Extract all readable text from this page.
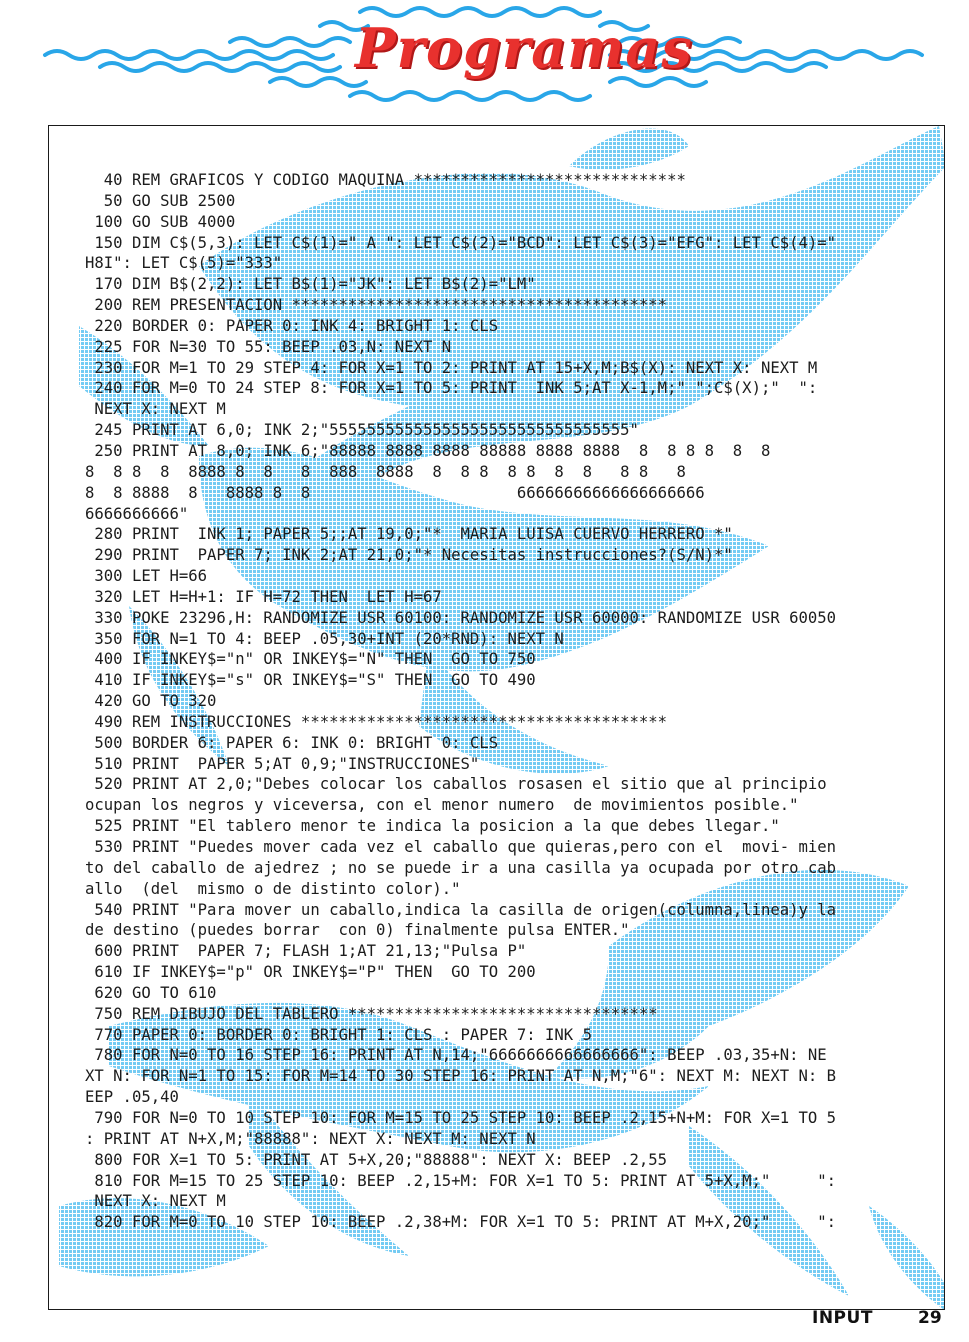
Programas
40 REM GRAFICOS Y CODIGO MAQUINA *****************************
50 GO SUB 2500
100 GO SUB 4000
150 DIM C$(5,3): LET C$(1)=" A ": LET C$(2)="BCD": LET C$(3)="EFG": LET C$(4)="
H8I": LET C$(5)="333"
170 DIM B$(2,2): LET B$(1)="JK": LET B$(2)="LM"
200 REM PRESENTACION ****************************************
220 BORDER 0: PAPER 0: INK 4: BRIGHT 1: CLS
225 FOR N=30 TO 55: BEEP .03,N: NEXT N
230 FOR M=1 TO 29 STEP 4: FOR X=1 TO 2: PRINT AT 15+X,M;B$(X): NEXT X: NEXT M
240 FOR M=0 TO 24 STEP 8: FOR X=1 TO 5: PRINT  INK 5;AT X-1,M;" ";C$(X);"  ":
NEXT X: NEXT M
245 PRINT AT 6,0; INK 2;"55555555555555555555555555555555"
250 PRINT AT 8,0; INK 6;"88888 8888 8888 88888 8888 8888  8  8 8 8  8  8
8  8 8  8  8888 8  8   8  888  8888  8  8 8  8 8  8  8   8 8   8
8  8 8888  8   8888 8  8                      66666666666666666666
6666666666"
280 PRINT  INK 1; PAPER 5;;AT 19,0;"*  MARIA LUISA CUERVO HERRERO *"
290 PRINT  PAPER 7; INK 2;AT 21,0;"* Necesitas instrucciones?(S/N)*"
300 LET H=66
320 LET H=H+1: IF H=72 THEN  LET H=67
330 POKE 23296,H: RANDOMIZE USR 60100: RANDOMIZE USR 60000: RANDOMIZE USR 60050
350 FOR N=1 TO 4: BEEP .05,30+INT (20*RND): NEXT N
400 IF INKEY$="n" OR INKEY$="N" THEN  GO TO 750
410 IF INKEY$="s" OR INKEY$="S" THEN  GO TO 490
420 GO TO 320
490 REM INSTRUCCIONES ***************************************
500 BORDER 6: PAPER 6: INK 0: BRIGHT 0: CLS
510 PRINT  PAPER 5;AT 0,9;"INSTRUCCIONES"
520 PRINT AT 2,0;"Debes colocar los caballos rosasen el sitio que al principio
ocupan los negros y viceversa, con el menor numero  de movimientos posible."
525 PRINT "El tablero menor te indica la posicion a la que debes llegar."
530 PRINT "Puedes mover cada vez el caballo que quieras,pero con el  movi- mien
to del caballo de ajedrez ; no se puede ir a una casilla ya ocupada por otro cab
allo  (del  mismo o de distinto color)."
540 PRINT "Para mover un caballo,indica la casilla de origen(columna,linea)y la
de destino (puedes borrar  con 0) finalmente pulsa ENTER."
600 PRINT  PAPER 7; FLASH 1;AT 21,13;"Pulsa P"
610 IF INKEY$="p" OR INKEY$="P" THEN  GO TO 200
620 GO TO 610
750 REM DIBUJO DEL TABLERO *********************************
770 PAPER 0: BORDER 0: BRIGHT 1: CLS : PAPER 7: INK 5
780 FOR N=0 TO 16 STEP 16: PRINT AT N,14;"6666666666666666": BEEP .03,35+N: NE
XT N: FOR N=1 TO 15: FOR M=14 TO 30 STEP 16: PRINT AT N,M;"6": NEXT M: NEXT N: B
EEP .05,40
790 FOR N=0 TO 10 STEP 10: FOR M=15 TO 25 STEP 10: BEEP .2,15+N+M: FOR X=1 TO 5
: PRINT AT N+X,M;"88888": NEXT X: NEXT M: NEXT N
800 FOR X=1 TO 5: PRINT AT 5+X,20;"88888": NEXT X: BEEP .2,55
810 FOR M=15 TO 25 STEP 10: BEEP .2,15+M: FOR X=1 TO 5: PRINT AT 5+X,M;"     ":
NEXT X: NEXT M
820 FOR M=0 TO 10 STEP 10: BEEP .2,38+M: FOR X=1 TO 5: PRINT AT M+X,20;"     ":
INPUT	29
